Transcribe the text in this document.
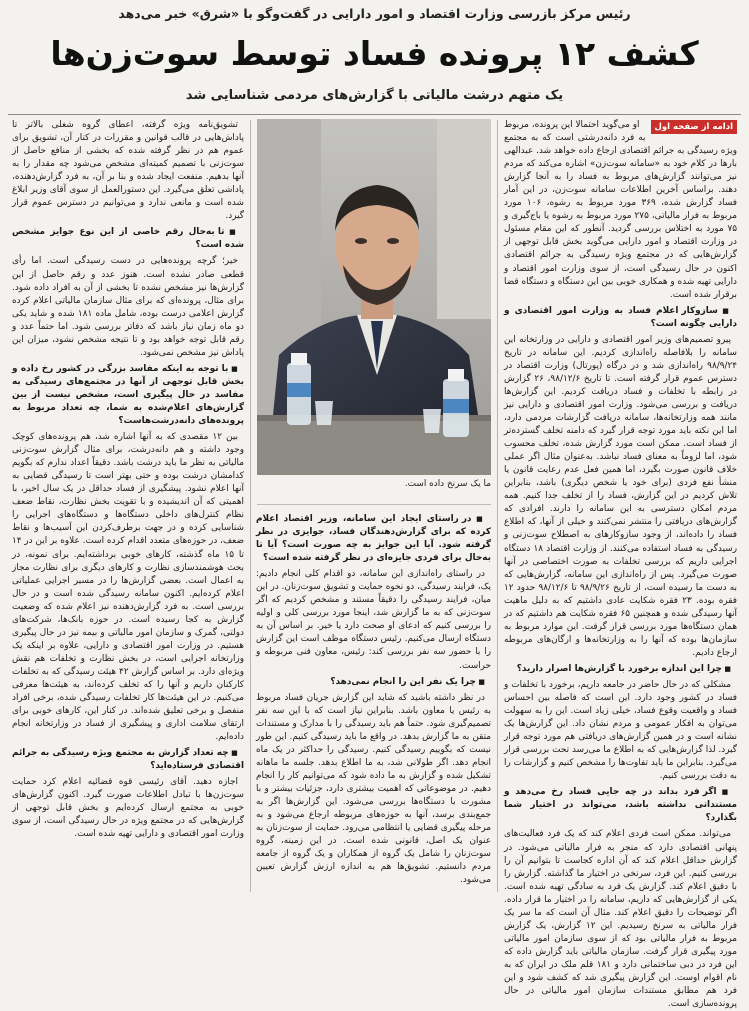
رئیس مرکز بازرسی وزارت اقتصاد و امور دارایی در گفت‌وگو با «شرق» خبر می‌دهد
کشف ۱۲ پرونده فساد توسط سوت‌زن‌ها
یک متهم درشت مالیاتی با گزارش‌های مردمی شناسایی شد
ادامه از صفحه اول

او می‌گوید احتمالا این پرونده، مربوط به فرد دانه‌درشتی است که به مجتمع ویژه رسیدگی به جرائم اقتصادی ارجاع داده خواهد شد. عبدالهی بارها در کلام خود به «سامانه سوت‌زن» اشاره می‌کند که مردم نیز می‌توانند گزارش‌های مربوط به فساد را به آنجا گزارش دهند. براساس آخرین اطلاعات سامانه سوت‌زن، در این آمار فساد گزارش شده، ۳۶۹ مورد مربوط به رشوه، ۱۰۶ مورد مربوط به فرار مالیاتی، ۲۷۵ مورد مربوط به رشوه یا باج‌گیری و ۷۵ مورد به اختلاس بررسی گردید. آنطور که این مقام مسئول در وزارت اقتصاد و امور دارایی می‌گوید بخش قابل توجهی از گزارش‌هایی که در مجتمع ویژه رسیدگی به جرائم اقتصادی اکنون در حال رسیدگی است، از سوی وزارت امور اقتصاد و دارایی تهیه شده و همکاری خوبی بین این دستگاه و دستگاه قضا برقرار شده است.

■ سازوکار اعلام فساد به وزارت امور اقتصادی و دارایی چگونه است؟

پیرو تصمیم‌های وزیر امور اقتصادی و دارایی در وزارتخانه این سامانه را بلافاصله راه‌اندازی کردیم. این سامانه در تاریخ ۹۸/۹/۲۴ راه‌اندازی شد و در درگاه (پورتال) وزارت اقتصاد در دسترس عموم قرار گرفته است. تا تاریخ ۹۸/۱۲/۶، ۲۶ گزارش در رابطه با تخلفات و فساد دریافت کردیم. این گزارش‌ها دریافت و بررسی می‌شود. وزارت امور اقتصادی و دارایی نیز مانند همه وزارتخانه‌ها، سامانه دریافت گزارشات مردمی دارد، اما این نکته باید مورد توجه قرار گیرد که دامنه تخلف گسترده‌تر از فساد است. ممکن است مورد گزارش شده، تخلف محسوب شود، اما لزوماً به معنای فساد نباشد. به‌عنوان مثال اگر عملی خلاف قانون صورت بگیرد، اما همین فعل عدم رعایت قانون یا منشأ نفع فردی (برای خود یا شخص دیگری) باشد، بنابراین تلاش کردیم در این گزارش، فساد را از تخلف جدا کنیم. همه مردم امکان دسترسی به این سامانه را دارند. افرادی که گزارش‌های دریافتی را منتشر نمی‌کنند و خیلی از آنها، که اطلاع فساد را داده‌اند، از وجود سازوکارهای به اصطلاح سوت‌زنی و رسیدگی به فساد استفاده می‌کنند. از وزارت اقتصاد ۱۸ دستگاه اجرایی داریم که بررسی تخلفات به صورت اختصاصی در آنها صورت می‌گیرد. پس از راه‌اندازی این سامانه، گزارش‌هایی که به دست ما رسیده است، از تاریخ ۹۸/۹/۲۶ تا ۹۸/۱۲/۶ حدود ۱۲ فقره بوده. ۲۳ فقره شکایت عادی داشتیم که به دلیل ماهیت آنها رسیدگی شده و همچنین ۶۵ فقره شکایت هم داشتیم که در همان دستگاه‌ها مورد بررسی قرار گرفت. این موارد مربوط به سازمان‌ها بوده که آنها را به وزارتخانه‌ها و ارگان‌های مربوطه ارجاع دادیم.

■ چرا این اندازه برخورد با گزارش‌ها اصرار دارید؟

مشکلی که در حال حاضر در جامعه داریم، برخورد با تخلفات و فساد در کشور وجود دارد. این است که فاصله بین احساس فساد و واقعیت وقوع فساد، خیلی زیاد است. این را به سهولت می‌توان به افکار عمومی و مردم نشان داد. این گزارش‌ها یک نشانه است و در همین گزارش‌های دریافتی هم مورد توجه قرار گیرد. لذا گزارش‌هایی که به اطلاع ما می‌رسد تحت بررسی قرار می‌گیرد. بنابراین ما باید تفاوت‌ها را مشخص کنیم و گزارشات را به دقت بررسی کنیم.

■ اگر فرد بداند در چه جایی فساد رخ می‌دهد و مستنداتی نداشته باشد، می‌تواند در اختیار شما بگذارد؟

می‌تواند. ممکن است فردی اعلام کند که یک فرد فعالیت‌های پنهانی اقتصادی دارد که منجر به فرار مالیاتی می‌شود. در گزارش حداقل اعلام کند که آن اداره کجاست تا بتوانیم آن را بررسی کنیم. این فرد، سرنخی در اختیار ما گذاشته. گزارش را با دقیق اعلام کند. گزارش یک فرد به سادگی تهیه شده است. یکی از گزارش‌هایی که داریم، سامانه را در اختیار ما قرار داده. اگر توضیحات را دقیق اعلام کند. مثال آن است که ما سر یک فرار مالیاتی به سرنخ رسیدیم. این ۱۲ گزارش، یک گزارش مربوط به فرار مالیاتی بود که از سوی سازمان امور مالیاتی مورد پیگیری قرار گرفت. سازمان مالیاتی باید گزارش داده که این فرد در دبی ساختمانی دارد و ۱۸۱ قلم ملک در ایران که به نام اقوام اوست. این گزارش پیگیری شد که کشف شود و این فرد هم مطابق مستندات سازمان امور مالیاتی در حال پرونده‌سازی است.

ما یک سرنخ داده است.

■ در راستای ایجاد این سامانه، وزیر اقتصاد اعلام کرده که برای گزارش‌دهندگان فساد، جوایزی در نظر گرفته شود. آیا این جوایز به چه صورت است؟ آیا تا به‌حال برای فردی جایزه‌ای در نظر گرفته شده است؟

در راستای راه‌اندازی این سامانه، دو اقدام کلی انجام دادیم: یک، فرایند رسیدگی، دو نحوه حمایت و تشویق سوت‌زنان. در این میان، فرایند رسیدگی را دقیقاً مستند و مشخص کردیم که اگر سوت‌زنی که به ما گزارش شد، اینجا مورد بررسی کلی و اولیه را بررسی کنیم که ادعای او صحت دارد یا خیر. بر اساس آن به دستگاه ارسال می‌کنیم. رئیس دستگاه موظف است این گزارش را با حضور سه نفر بررسی کند: رئیس، معاون فنی مربوطه و حراست.

■ چرا یک نفر این را انجام نمی‌دهد؟

در نظر داشته باشید که شاید این گزارش جریان فساد مربوط به رئیس یا معاون باشد. بنابراین نیاز است که با این سه نفر تصمیم‌گیری شود. حتماً هم باید رسیدگی را با مدارک و مستندات متقن به ما گزارش بدهد. در واقع ما باید رسیدگی کنیم. این طور نیست که بگوییم رسیدگی کنیم. رسیدگی را حداکثر در یک ماه انجام دهد. اگر طولانی شد، به ما اطلاع بدهد. جلسه ما ماهانه تشکیل شده و گزارش به ما داده شود که می‌توانیم کار را انجام دهیم. در موضوعاتی که اهمیت بیشتری دارد، جزئیات بیشتر و با مشورت با دستگاه‌ها بررسی می‌شود. این گزارش‌ها اگر به جمع‌بندی برسد، آنها به حوزه‌های مربوطه ارجاع می‌شود و به مرحله پیگیری قضایی یا انتظامی می‌رود. حمایت از سوت‌زنان به عنوان یک اصل، قانونی شده است. در این زمینه، گروه سوت‌زنان را شامل یک گروه از همکاران و یک گروه از جامعه مردم دانستیم. تشویق‌ها هم به اندازه ارزش گزارش تعیین می‌شود.

تشویق‌نامه ویژه گرفته، اعطای گروه شغلی بالاتر تا پاداش‌هایی در قالب قوانین و مقررات در کنار آن، تشویق برای عموم هم در نظر گرفته شده که بخشی از منافع حاصل از سوت‌زنی با تصمیم کمیته‌ای مشخص می‌شود چه مقدار را به آنها بدهیم. منفعت ایجاد شده و بنا بر آن، به فرد گزارش‌دهنده، پاداشی تعلق می‌گیرد. این دستورالعمل از سوی آقای وزیر ابلاغ شده است و مانعی ندارد و می‌توانیم در دسترس عموم قرار گیرد.

■ تا به‌حال رقم خاصی از این نوع جوایز مشخص شده است؟

خیر؛ گرچه پرونده‌هایی در دست رسیدگی است. اما رأی قطعی صادر نشده است. هنوز عدد و رقم حاصل از این گزارش‌ها نیز مشخص نشده تا بخشی از آن به افراد داده شود. برای مثال، پرونده‌ای که برای مثال سازمان مالیاتی اعلام کرده گزارش اعلامی درست بوده، شامل ماده ۱۸۱ شده و شاید یکی دو ماه زمان نیاز باشد که دفاتر بررسی شود. اما حتماً عدد و رقم قابل توجه خواهد بود و تا نتیجه مشخص نشود، میزان این پاداش نیز مشخص نمی‌شود.

■ با توجه به اینکه مفاسد بزرگی در کشور رخ داده و بخش قابل توجهی از آنها در مجتمع‌های رسیدگی به مفاسد در حال پیگیری است، مشخص نیست از بین گزارش‌های اعلام‌شده به شما، چه تعداد مربوط به پرونده‌های دانه‌درشت‌هاست؟

بین ۱۲ مقصدی که به آنها اشاره شد، هم پرونده‌های کوچک وجود داشته و هم دانه‌درشت، برای مثال گزارش سوت‌زنی مالیاتی به نظر ما باید درشت باشد. دقیقاً اعداد ندارم که بگویم کدامشان درشت بوده و حتی بهتر است تا رسیدگی قضایی به آنها اعلام نشود. پیشگیری از فساد حداقل در یک سال اخیر، با اهمیتی که آن اندیشیده و با تقویت بخش نظارت، نقاط ضعف نظام کنترل‌های داخلی دستگاه‌ها و دستگاه‌های اجرایی را شناسایی کرده و در جهت برطرف‌کردن این آسیب‌ها و نقاط ضعف، در حوزه‌های متعدد اقدام کرده است. علاوه بر این در ۱۴ تا ۱۵ ماه گذشته، کارهای خوبی برداشته‌ایم. برای نمونه، در بحث هوشمندسازی نظارت و کارهای دیگری برای نظارت مجاز به اعمال است. بعضی گزارش‌ها را در مسیر اجرایی عملیاتی اعلام کرده‌ایم. اکنون سامانه رسیدگی شده است و در حال بررسی است. به فرد گزارش‌دهنده نیز اعلام شده که وضعیت گزارش به کجا رسیده است. در حوزه بانک‌ها، شرکت‌های دولتی، گمرک و سازمان امور مالیاتی و بیمه نیز در حال پیگیری هستیم. در وزارت امور اقتصادی و دارایی، علاوه بر اینکه یک وزارتخانه اجرایی است، در بخش نظارت و تخلفات هم نقش ویژه‌ای دارد. بر اساس گزارش ۴۲ هیئت رسیدگی که به تخلفات کارکنان داریم و آنها را که تخلف کرده‌اند، به هیئت‌ها معرفی می‌کنیم. در این هیئت‌ها کار تخلفات رسیدگی شده، برخی افراد منفصل و برخی تعلیق شده‌اند. در کنار این، کارهای خوبی برای ارتقای سلامت اداری و پیشگیری از فساد در وزارتخانه انجام داده‌ایم.

■ چه تعداد گزارش به مجتمع ویژه رسیدگی به جرائم اقتصادی فرستاده‌اید؟

اجازه دهید. آقای رئیسی قوه قضائیه اعلام کرد حمایت سوت‌زن‌ها با تبادل اطلاعات صورت گیرد. اکنون گزارش‌های خوبی به مجتمع ارسال کرده‌ایم و بخش قابل توجهی از گزارش‌هایی که در مجتمع ویژه در حال رسیدگی است، از سوی وزارت امور اقتصادی و دارایی تهیه شده است.
